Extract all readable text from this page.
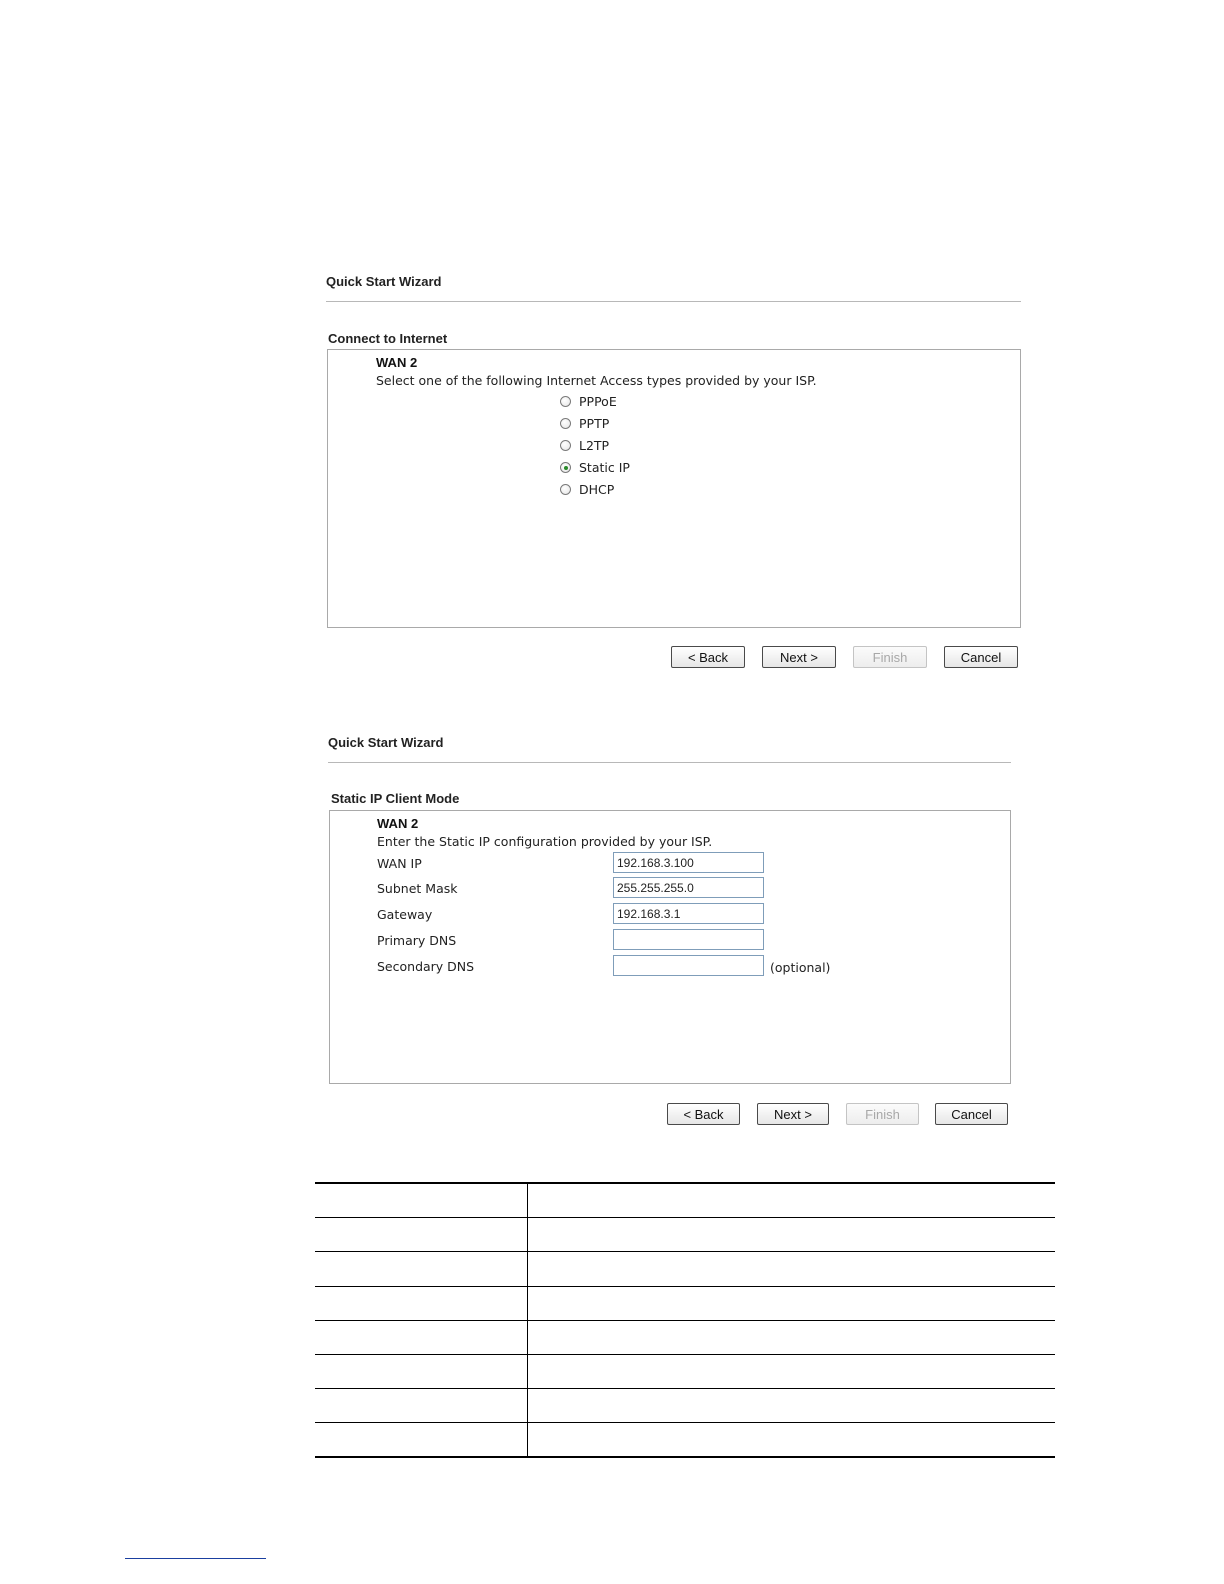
Quick Start Wizard
Connect to Internet
WAN 2
Select one of the following Internet Access types provided by your ISP.
PPPoE
PPTP
L2TP
Static IP
DHCP
< Back	Next >	Finish	Cancel
Quick Start Wizard
Static IP Client Mode
WAN 2
Enter the Static IP configuration provided by your ISP.
WAN IP	192.168.3.100
Subnet Mask	255.255.255.0
Gateway	192.168.3.1
Primary DNS
Secondary DNS	(optional)
< Back	Next >	Finish	Cancel
